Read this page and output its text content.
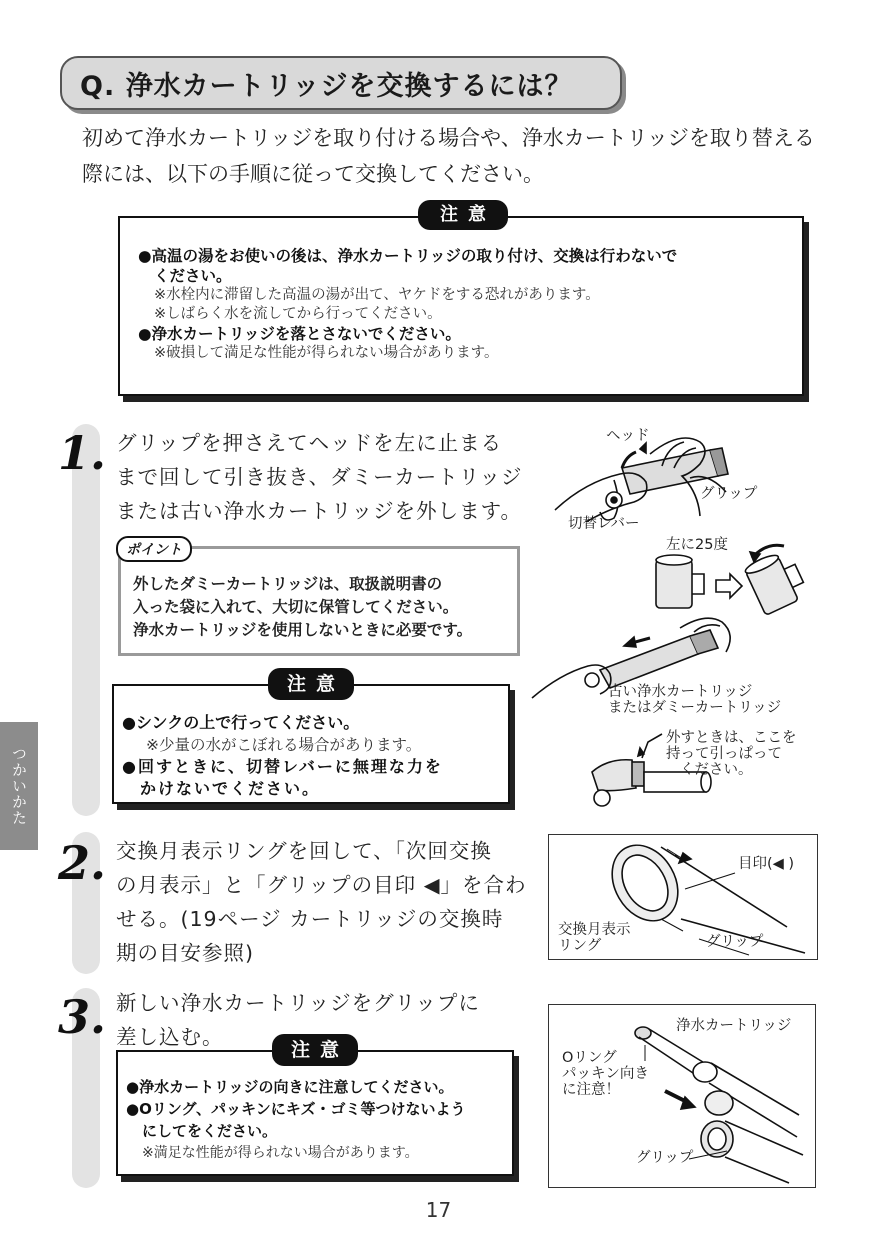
Q. 浄水カートリッジを交換するには？
初めて浄水カートリッジを取り付ける場合や、浄水カートリッジを取り替える
際には、以下の手順に従って交換してください。
●高温の湯をお使いの後は、浄水カートリッジの取り付け、交換は行わないで
ください。
※水栓内に滞留した高温の湯が出て、ヤケドをする恐れがあります。
※しばらく水を流してから行ってください。
●浄水カートリッジを落とさないでください。
※破損して満足な性能が得られない場合があります。
注意
つかいかた
1. グリップを押さえてヘッドを左に止まる
まで回して引き抜き、ダミーカートリッジ
または古い浄水カートリッジを外します。
外したダミーカートリッジは、取扱説明書の
入った袋に入れて、大切に保管してください。
浄水カートリッジを使用しないときに必要です。
ポイント
●シンクの上で行ってください。
※少量の水がこぼれる場合があります。
●回すときに、切替レバーに無理な力を
かけないでください。
注意
ヘッド
グリップ
切替レバー
左に25度
古い浄水カートリッジ
またはダミーカートリッジ
外すときは、ここを
持って引っぱって
ください。
2. 交換月表示リングを回して、「次回交換
の月表示」と「グリップの目印 ◀」を合わ
せる。(19ページ カートリッジの交換時
期の目安参照)
目印(◀ )
交換月表示
リング	グリップ
3. 新しい浄水カートリッジをグリップに
差し込む。
●浄水カートリッジの向きに注意してください。
●Oリング、パッキンにキズ・ゴミ等つけないよう
にしてをください。
※満足な性能が得られない場合があります。
注意
浄水カートリッジ
Oリング
パッキン向き
に注意！
グリップ
17
